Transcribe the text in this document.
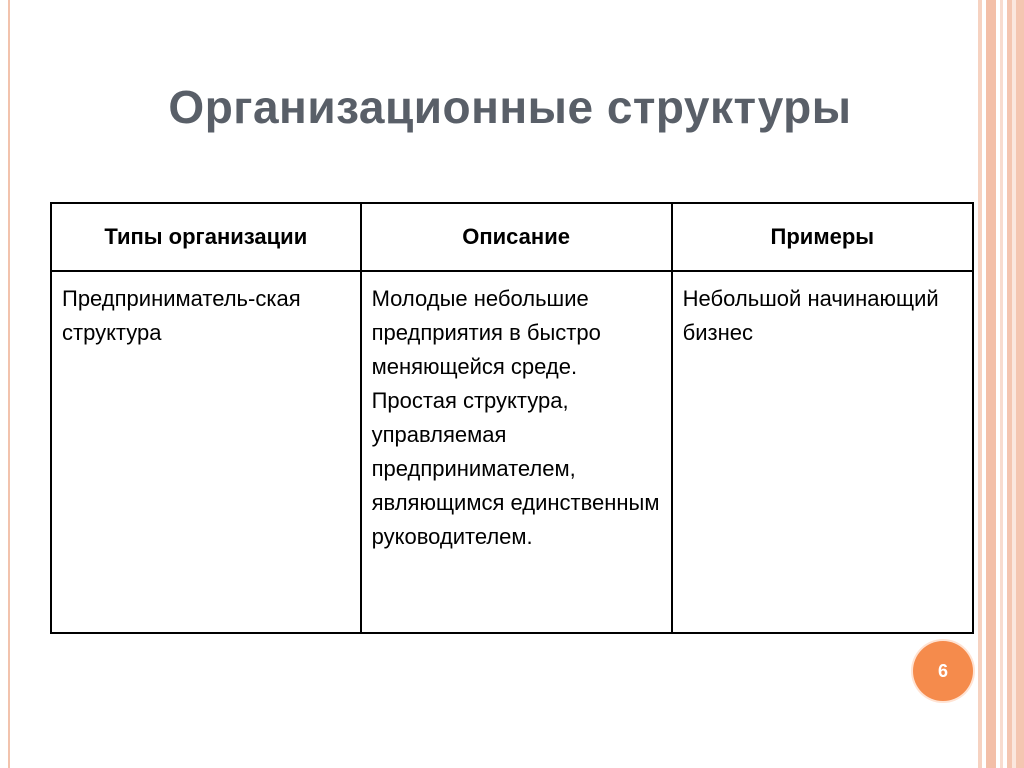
Организационные структуры
Типы организации	Описание	Примеры
Предприниматель-ская структура	Молодые небольшие предприятия в быстро меняющейся среде. Простая структура, управляемая предпринимателем, являющимся единственным руководителем.	Небольшой начинающий бизнес
6
